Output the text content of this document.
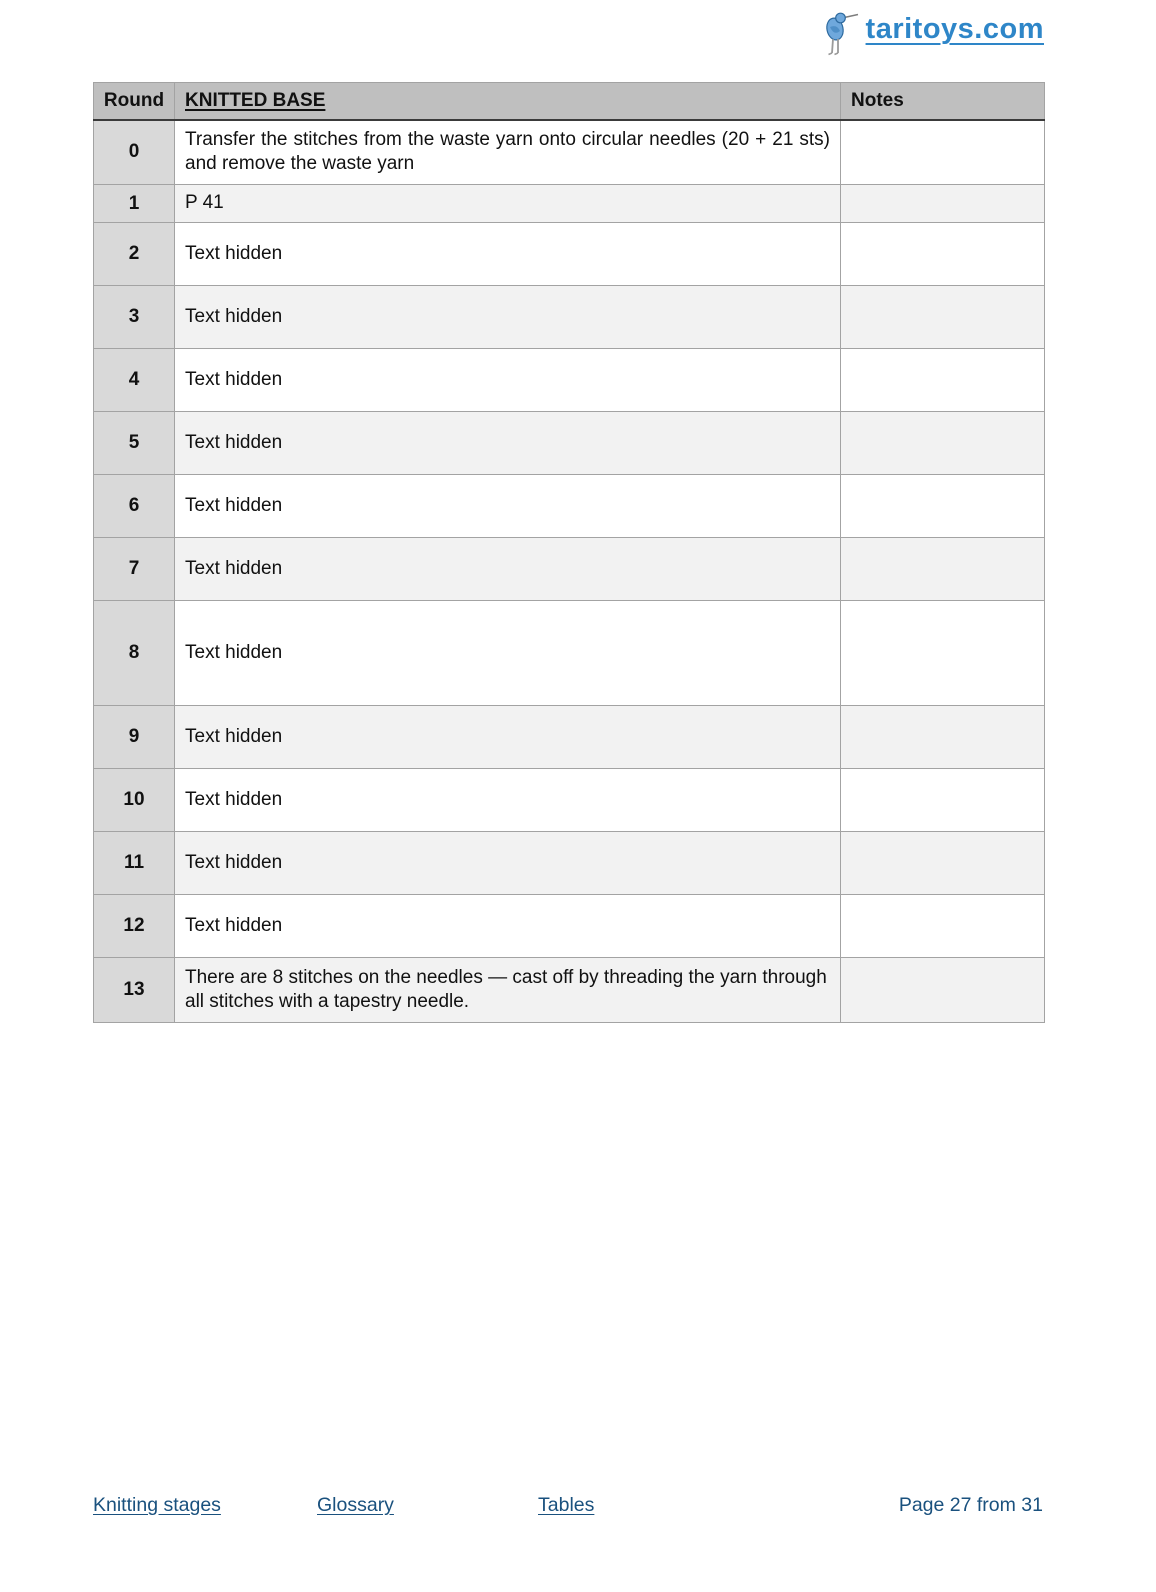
taritoys.com
Round	KNITTED BASE	Notes
0	Transfer the stitches from the waste yarn onto circular needles (20 + 21 sts) and remove the waste yarn	
1	P 41	
2	Text hidden	
3	Text hidden	
4	Text hidden	
5	Text hidden	
6	Text hidden	
7	Text hidden	
8	Text hidden	
9	Text hidden	
10	Text hidden	
11	Text hidden	
12	Text hidden	
13	There are 8 stitches on the needles — cast off by threading the yarn through all stitches with a tapestry needle.	
Knitting stages	Glossary	Tables	Page 27 from 31
